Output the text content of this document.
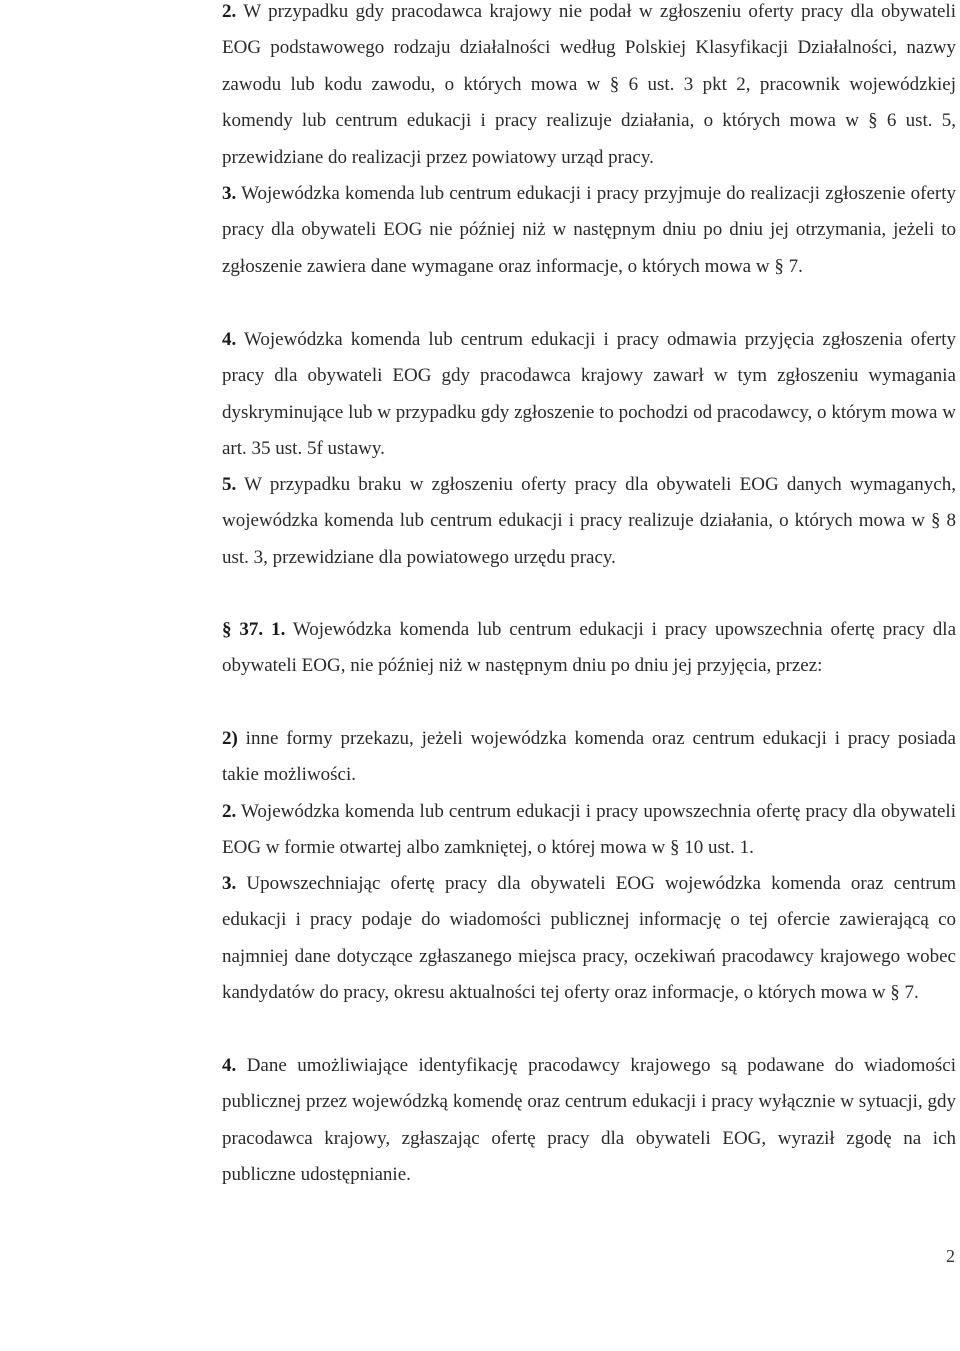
2. W przypadku gdy pracodawca krajowy nie podał w zgłoszeniu oferty pracy dla obywateli EOG podstawowego rodzaju działalności według Polskiej Klasyfikacji Działalności, nazwy zawodu lub kodu zawodu, o których mowa w § 6 ust. 3 pkt 2, pracownik wojewódzkiej komendy lub centrum edukacji i pracy realizuje działania, o których mowa w § 6 ust. 5, przewidziane do realizacji przez powiatowy urząd pracy.

3. Wojewódzka komenda lub centrum edukacji i pracy przyjmuje do realizacji zgłoszenie oferty pracy dla obywateli EOG nie później niż w następnym dniu po dniu jej otrzymania, jeżeli to zgłoszenie zawiera dane wymagane oraz informacje, o których mowa w § 7.

4. Wojewódzka komenda lub centrum edukacji i pracy odmawia przyjęcia zgłoszenia oferty pracy dla obywateli EOG gdy pracodawca krajowy zawarł w tym zgłoszeniu wymagania dyskryminujące lub w przypadku gdy zgłoszenie to pochodzi od pracodawcy, o którym mowa w art. 35 ust. 5f ustawy.

5. W przypadku braku w zgłoszeniu oferty pracy dla obywateli EOG danych wymaganych, wojewódzka komenda lub centrum edukacji i pracy realizuje działania, o których mowa w § 8 ust. 3, przewidziane dla powiatowego urzędu pracy.

§ 37. 1. Wojewódzka komenda lub centrum edukacji i pracy upowszechnia ofertę pracy dla obywateli EOG, nie później niż w następnym dniu po dniu jej przyjęcia, przez:

2) inne formy przekazu, jeżeli wojewódzka komenda oraz centrum edukacji i pracy posiada takie możliwości.

2. Wojewódzka komenda lub centrum edukacji i pracy upowszechnia ofertę pracy dla obywateli EOG w formie otwartej albo zamkniętej, o której mowa w § 10 ust. 1.

3. Upowszechniając ofertę pracy dla obywateli EOG wojewódzka komenda oraz centrum edukacji i pracy podaje do wiadomości publicznej informację o tej ofercie zawierającą co najmniej dane dotyczące zgłaszanego miejsca pracy, oczekiwań pracodawcy krajowego wobec kandydatów do pracy, okresu aktualności tej oferty oraz informacje, o których mowa w § 7.

4. Dane umożliwiające identyfikację pracodawcy krajowego są podawane do wiadomości publicznej przez wojewódzką komendę oraz centrum edukacji i pracy wyłącznie w sytuacji, gdy pracodawca krajowy, zgłaszając ofertę pracy dla obywateli EOG, wyraził zgodę na ich publiczne udostępnianie.

2
